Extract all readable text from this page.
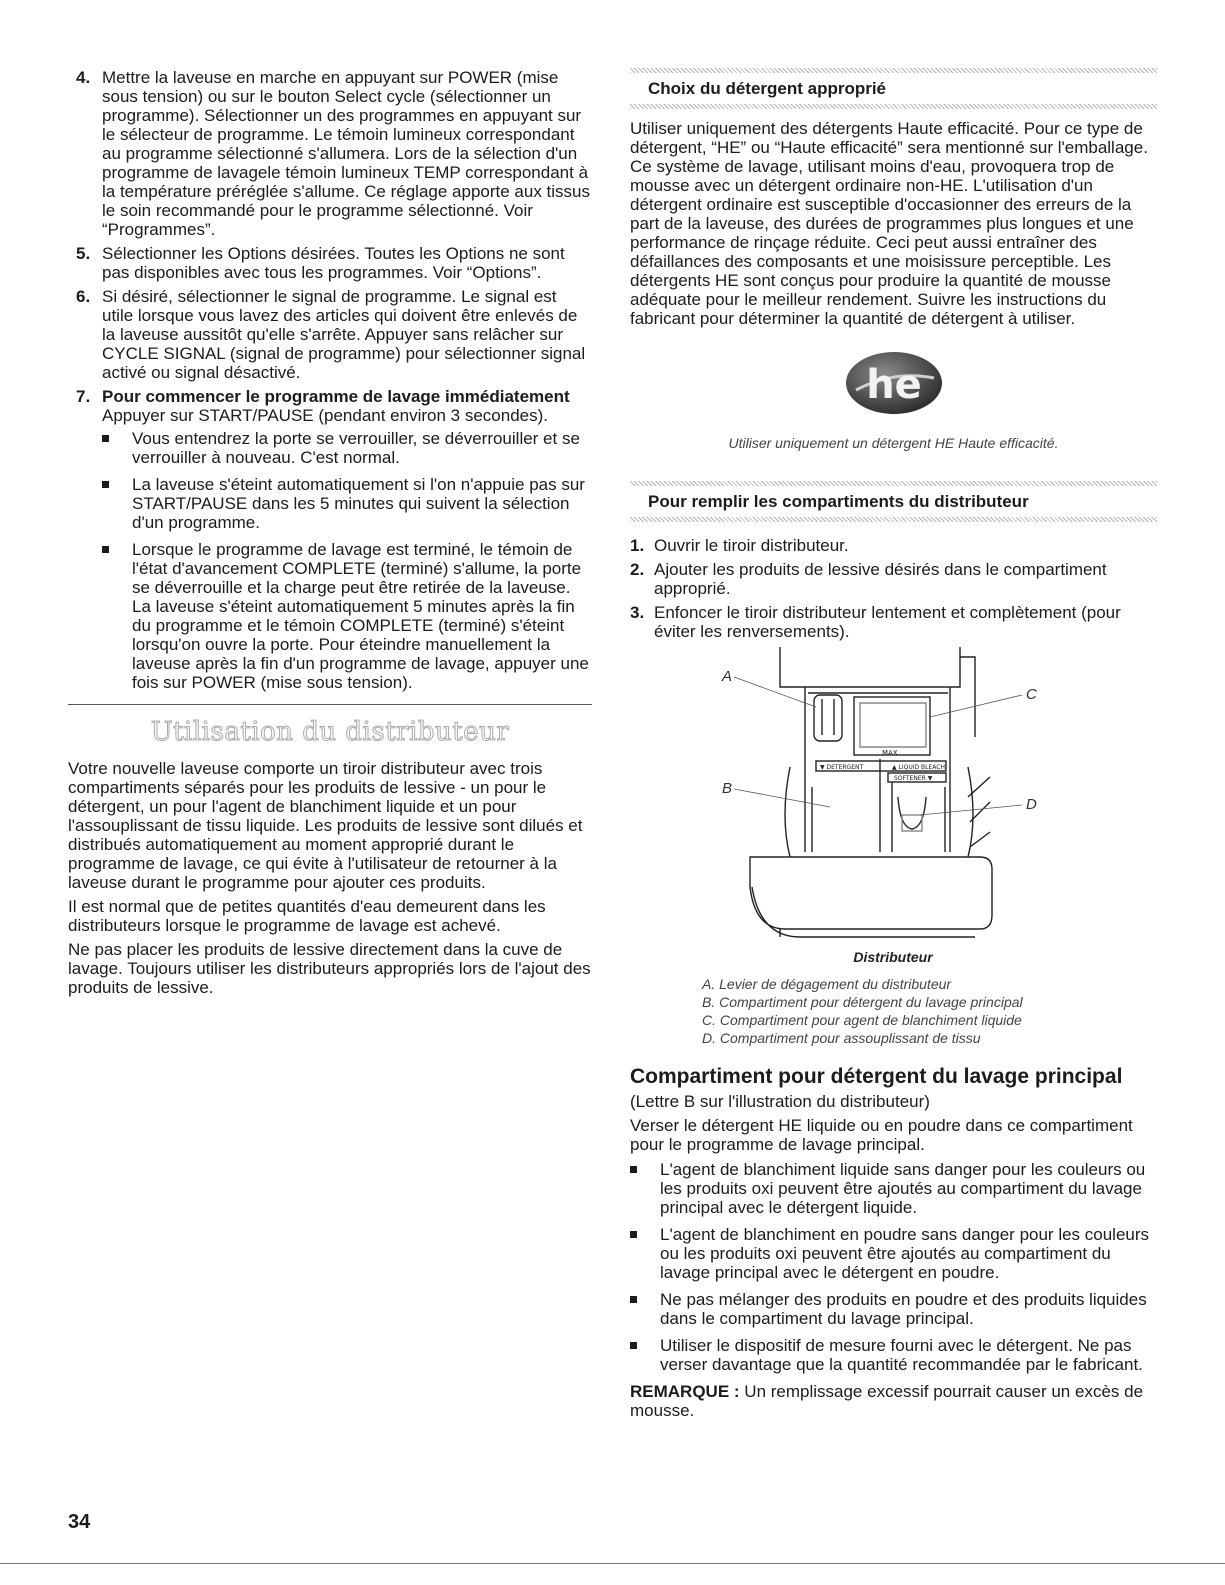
4. Mettre la laveuse en marche en appuyant sur POWER (mise sous tension) ou sur le bouton Select cycle (sélectionner un programme). Sélectionner un des programmes en appuyant sur le sélecteur de programme. Le témoin lumineux correspondant au programme sélectionné s'allumera. Lors de la sélection d'un programme de lavagele témoin lumineux TEMP correspondant à la température préréglée s'allume. Ce réglage apporte aux tissus le soin recommandé pour le programme sélectionné. Voir “Programmes”.
5. Sélectionner les Options désirées. Toutes les Options ne sont pas disponibles avec tous les programmes. Voir “Options”.
6. Si désiré, sélectionner le signal de programme. Le signal est utile lorsque vous lavez des articles qui doivent être enlevés de la laveuse aussitôt qu'elle s'arrête. Appuyer sans relâcher sur CYCLE SIGNAL (signal de programme) pour sélectionner signal activé ou signal désactivé.
7. Pour commencer le programme de lavage immédiatement
Appuyer sur START/PAUSE (pendant environ 3 secondes).
Vous entendrez la porte se verrouiller, se déverrouiller et se verrouiller à nouveau. C'est normal.
La laveuse s'éteint automatiquement si l'on n'appuie pas sur START/PAUSE dans les 5 minutes qui suivent la sélection d'un programme.
Lorsque le programme de lavage est terminé, le témoin de l'état d'avancement COMPLETE (terminé) s'allume, la porte se déverrouille et la charge peut être retirée de la laveuse. La laveuse s'éteint automatiquement 5 minutes après la fin du programme et le témoin COMPLETE (terminé) s'éteint lorsqu'on ouvre la porte. Pour éteindre manuellement la laveuse après la fin d'un programme de lavage, appuyer une fois sur POWER (mise sous tension).
Utilisation du distributeur

Votre nouvelle laveuse comporte un tiroir distributeur avec trois compartiments séparés pour les produits de lessive - un pour le détergent, un pour l'agent de blanchiment liquide et un pour l'assouplissant de tissu liquide. Les produits de lessive sont dilués et distribués automatiquement au moment approprié durant le programme de lavage, ce qui évite à l'utilisateur de retourner à la laveuse durant le programme pour ajouter ces produits.

Il est normal que de petites quantités d'eau demeurent dans les distributeurs lorsque le programme de lavage est achevé.

Ne pas placer les produits de lessive directement dans la cuve de lavage. Toujours utiliser les distributeurs appropriés lors de l'ajout des produits de lessive.

Choix du détergent approprié

Utiliser uniquement des détergents Haute efficacité. Pour ce type de détergent, “HE” ou “Haute efficacité” sera mentionné sur l'emballage. Ce système de lavage, utilisant moins d'eau, provoquera trop de mousse avec un détergent ordinaire non-HE. L'utilisation d'un détergent ordinaire est susceptible d'occasionner des erreurs de la part de la laveuse, des durées de programmes plus longues et une performance de rinçage réduite. Ceci peut aussi entraîner des défaillances des composants et une moisissure perceptible. Les détergents HE sont conçus pour produire la quantité de mousse adéquate pour le meilleur rendement. Suivre les instructions du fabricant pour déterminer la quantité de détergent à utiliser.

he
Utiliser uniquement un détergent HE Haute efficacité.
Pour remplir les compartiments du distributeur
1. Ouvrir le tiroir distributeur.
2. Ajouter les produits de lessive désirés dans le compartiment approprié.
3. Enfoncer le tiroir distributeur lentement et complètement (pour éviter les renversements).
▼ DETERGENT	▲ LIQUID BLEACH
SOFTENER ▼
MAX
A
B
C
D
Distributeur
A. Levier de dégagement du distributeur
B. Compartiment pour détergent du lavage principal
C. Compartiment pour agent de blanchiment liquide
D. Compartiment pour assouplissant de tissu
Compartiment pour détergent du lavage principal

(Lettre B sur l'illustration du distributeur)

Verser le détergent HE liquide ou en poudre dans ce compartiment pour le programme de lavage principal.

L'agent de blanchiment liquide sans danger pour les couleurs ou les produits oxi peuvent être ajoutés au compartiment du lavage principal avec le détergent liquide.
L'agent de blanchiment en poudre sans danger pour les couleurs ou les produits oxi peuvent être ajoutés au compartiment du lavage principal avec le détergent en poudre.
Ne pas mélanger des produits en poudre et des produits liquides dans le compartiment du lavage principal.
Utiliser le dispositif de mesure fourni avec le détergent. Ne pas verser davantage que la quantité recommandée par le fabricant.

REMARQUE : Un remplissage excessif pourrait causer un excès de mousse.

34
